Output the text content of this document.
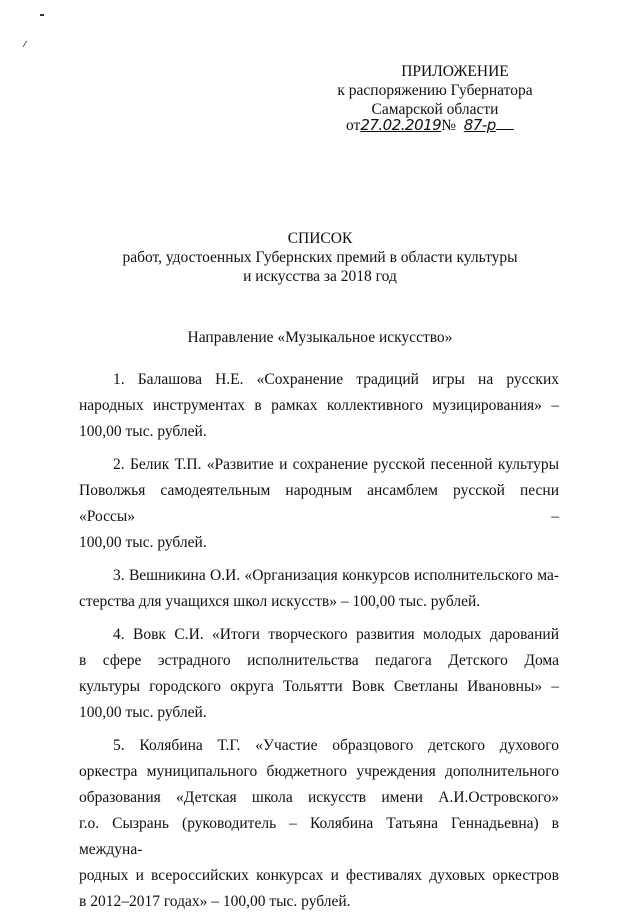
ПРИЛОЖЕНИЕ
к распоряжению Губернатора
Самарской области
от27.02.2019№ 87-р
СПИСОК
работ, удостоенных Губернских премий в области культуры
и искусства за 2018 год
Направление «Музыкальное искусство»
1. Балашова Н.Е. «Сохранение традиций игры на русских
народных инструментах в рамках коллективного музицирования» –
100,00 тыс. рублей.
2. Белик Т.П. «Развитие и сохранение русской песенной культуры
Поволжья самодеятельным народным ансамблем русской песни «Россы» –
100,00 тыс. рублей.
3. Вешникина О.И. «Организация конкурсов исполнительского ма-
стерства для учащихся школ искусств» – 100,00 тыс. рублей.
4. Вовк С.И. «Итоги творческого развития молодых дарований
в сфере эстрадного исполнительства педагога Детского Дома
культуры городского округа Тольятти Вовк Светланы Ивановны» –
100,00 тыс. рублей.
5. Колябина Т.Г. «Участие образцового детского духового
оркестра муниципального бюджетного учреждения дополнительного
образования «Детская школа искусств имени А.И.Островского»
г.о. Сызрань (руководитель – Колябина Татьяна Геннадьевна) в междуна-
родных и всероссийских конкурсах и фестивалях духовых оркестров
в 2012–2017 годах» – 100,00 тыс. рублей.
